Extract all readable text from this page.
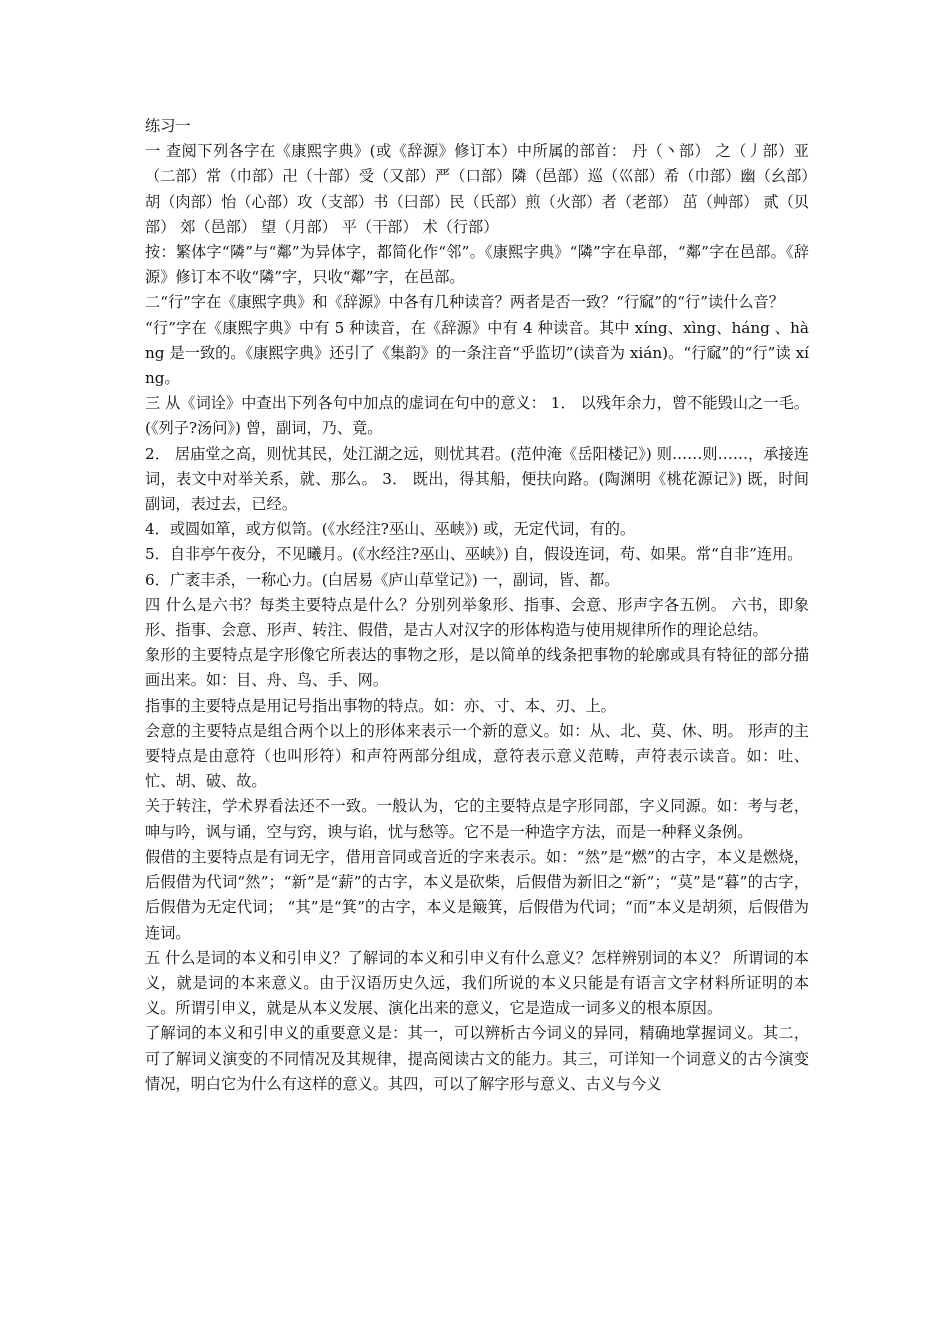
练习一

一 查阅下列各字在《康熙字典》(或《辞源》修订本）中所属的部首： 丹（丶部） 之（丿部）亚（二部）常（巾部）卍（十部）受（又部）严（口部）隣（邑部）巡（巛部）希（巾部）幽（幺部）胡（肉部）怡（心部）攻（支部）书（曰部）民（氏部）煎（火部）者（老部） 茁（艸部） 贰（贝部） 郊（邑部） 望（月部） 平（干部） 术（行部）

按：繁体字“隣”与“鄰”为异体字，都简化作“邻”。《康熙字典》“隣”字在阜部，“鄰”字在邑部。《辞源》修订本不收“隣”字，只收“鄰”字，在邑部。

二“行”字在《康熙字典》和《辞源》中各有几种读音？两者是否一致？“行窳”的“行”读什么音？

“行”字在《康熙字典》中有 5 种读音，在《辞源》中有 4 种读音。其中 xíng、xìng、háng 、hàng 是一致的。《康熙字典》还引了《集韵》的一条注音“乎监切”(读音为 xián)。“行窳”的“行”读 xíng。

三 从《词诠》中查出下列各句中加点的虚词在句中的意义： 1． 以残年余力，曾不能毁山之一毛。(《列子?汤问》) 曾，副词，乃、竟。

2． 居庙堂之高，则忧其民，处江湖之远，则忧其君。(范仲淹《岳阳楼记》) 则……则……，承接连词，表文中对举关系，就、那么。 3． 既出，得其船，便扶向路。(陶渊明《桃花源记》) 既，时间副词，表过去，已经。

4．或圆如箪，或方似笥。(《水经注?巫山、巫峡》) 或，无定代词，有的。

5．自非亭午夜分，不见曦月。(《水经注?巫山、巫峡》) 自，假设连词，苟、如果。常“自非”连用。

6．广袤丰杀，一称心力。(白居易《庐山草堂记》) 一，副词，皆、都。

四 什么是六书？每类主要特点是什么？分别列举象形、指事、会意、形声字各五例。 六书，即象形、指事、会意、形声、转注、假借，是古人对汉字的形体构造与使用规律所作的理论总结。

象形的主要特点是字形像它所表达的事物之形，是以简单的线条把事物的轮廓或具有特征的部分描画出来。如：目、舟、鸟、手、网。

指事的主要特点是用记号指出事物的特点。如：亦、寸、本、刃、上。

会意的主要特点是组合两个以上的形体来表示一个新的意义。如：从、北、莫、休、明。 形声的主要特点是由意符（也叫形符）和声符两部分组成，意符表示意义范畴，声符表示读音。如：吐、忙、胡、破、故。

关于转注，学术界看法还不一致。一般认为，它的主要特点是字形同部，字义同源。如：考与老，呻与吟，讽与诵，空与窍，谀与谄，忧与愁等。它不是一种造字方法，而是一种释义条例。

假借的主要特点是有词无字，借用音同或音近的字来表示。如：“然”是“燃”的古字，本义是燃烧，后假借为代词“然”；“新”是“薪”的古字，本义是砍柴，后假借为新旧之“新”；“莫”是“暮”的古字，后假借为无定代词； “其”是“箕”的古字，本义是簸箕，后假借为代词；“而”本义是胡须，后假借为连词。

五 什么是词的本义和引申义？了解词的本义和引申义有什么意义？怎样辨别词的本义？ 所谓词的本义，就是词的本来意义。由于汉语历史久远，我们所说的本义只能是有语言文字材料所证明的本义。所谓引申义，就是从本义发展、演化出来的意义，它是造成一词多义的根本原因。

了解词的本义和引申义的重要意义是：其一，可以辨析古今词义的异同，精确地掌握词义。其二，可了解词义演变的不同情况及其规律，提高阅读古文的能力。其三，可详知一个词意义的古今演变情况，明白它为什么有这样的意义。其四，可以了解字形与意义、古义与今义
